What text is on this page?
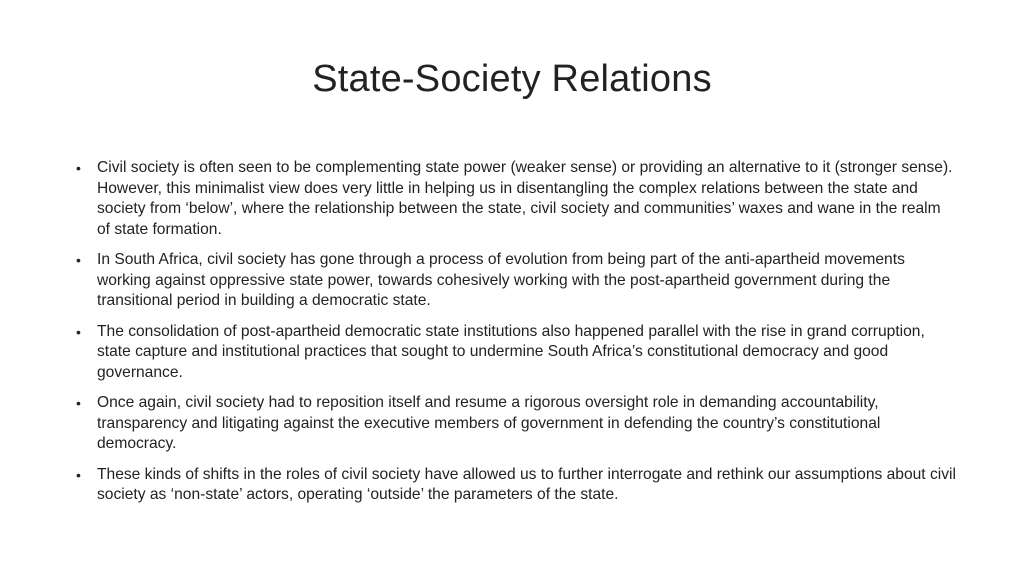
State-Society Relations
• Civil society is often seen to be complementing state power (weaker sense) or providing an alternative to it (stronger sense). However, this minimalist view does very little in helping us in disentangling the complex relations between the state and society from ‘below’, where the relationship between the state, civil society and communities’ waxes and wane in the realm of state formation.
• In South Africa, civil society has gone through a process of evolution from being part of the anti-apartheid movements working against oppressive state power, towards cohesively working with the post-apartheid government during the transitional period in building a democratic state.
• The consolidation of post-apartheid democratic state institutions also happened parallel with the rise in grand corruption, state capture and institutional practices that sought to undermine South Africa’s constitutional democracy and good governance.
• Once again, civil society had to reposition itself and resume a rigorous oversight role in demanding accountability, transparency and litigating against the executive members of government in defending the country’s constitutional democracy.
• These kinds of shifts in the roles of civil society have allowed us to further interrogate and rethink our assumptions about civil society as ‘non-state’ actors, operating ‘outside’ the parameters of the state.
